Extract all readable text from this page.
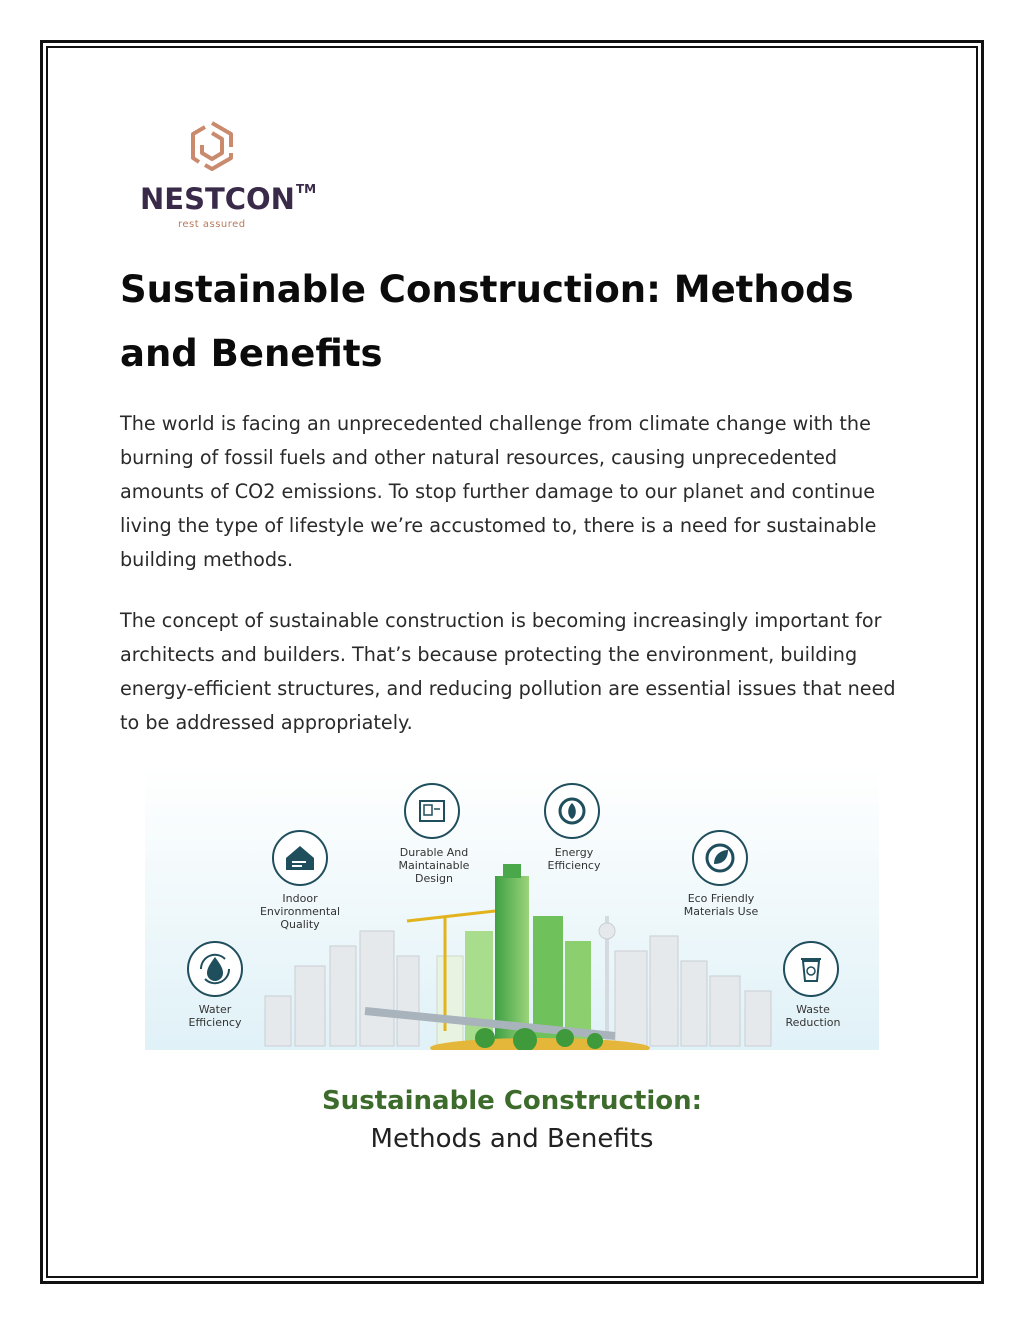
NESTCON™
rest assured
Sustainable Construction: Methods and Benefits

The world is facing an unprecedented challenge from climate change with the burning of fossil fuels and other natural resources, causing unprecedented amounts of CO2 emissions. To stop further damage to our planet and continue living the type of lifestyle we’re accustomed to, there is a need for sustainable building methods.

The concept of sustainable construction is becoming increasingly important for architects and builders. That’s because protecting the environment, building energy-efficient structures, and reducing pollution are essential issues that need to be addressed appropriately.

Water
Efficiency
Indoor
Environmental
Quality
Durable And
Maintainable
Design
Energy
Efficiency
Eco Friendly
Materials Use
Waste
Reduction
Sustainable Construction:
Methods and Benefits
